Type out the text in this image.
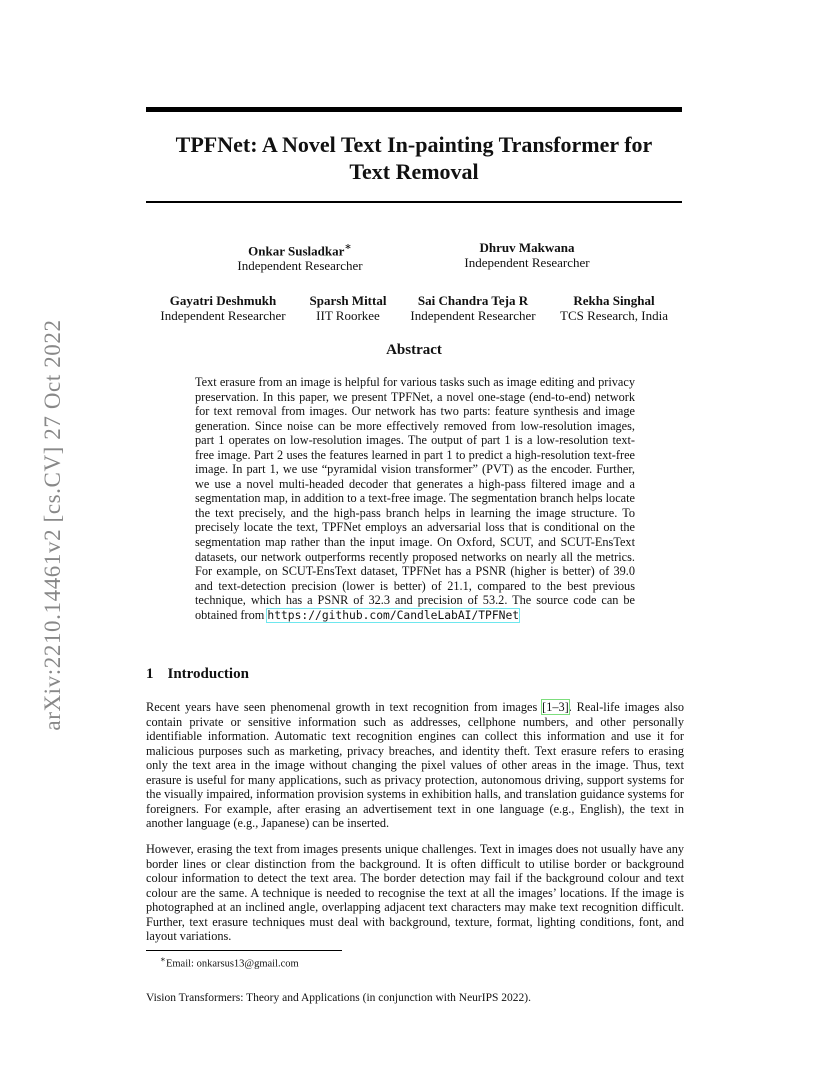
arXiv:2210.14461v2 [cs.CV] 27 Oct 2022
TPFNet: A Novel Text In-painting Transformer for
Text Removal
Onkar Susladkar∗
Independent Researcher
Dhruv Makwana
Independent Researcher
Gayatri Deshmukh
Independent Researcher
Sparsh Mittal
IIT Roorkee
Sai Chandra Teja R
Independent Researcher
Rekha Singhal
TCS Research, India
Abstract
Text erasure from an image is helpful for various tasks such as image editing and privacy preservation. In this paper, we present TPFNet, a novel one-stage (end-to-end) network for text removal from images. Our network has two parts: feature synthesis and image generation. Since noise can be more effectively removed from low-resolution images, part 1 operates on low-resolution images. The output of part 1 is a low-resolution text-free image. Part 2 uses the features learned in part 1 to predict a high-resolution text-free image. In part 1, we use “pyramidal vision transformer” (PVT) as the encoder. Further, we use a novel multi-headed decoder that generates a high-pass filtered image and a segmentation map, in addition to a text-free image. The segmentation branch helps locate the text precisely, and the high-pass branch helps in learning the image structure. To precisely locate the text, TPFNet employs an adversarial loss that is conditional on the segmentation map rather than the input image. On Oxford, SCUT, and SCUT-EnsText datasets, our network outperforms recently proposed networks on nearly all the metrics. For example, on SCUT-EnsText dataset, TPFNet has a PSNR (higher is better) of 39.0 and text-detection precision (lower is better) of 21.1, compared to the best previous technique, which has a PSNR of 32.3 and precision of 53.2. The source code can be obtained from https://github.com/CandleLabAI/TPFNet
1 Introduction
Recent years have seen phenomenal growth in text recognition from images [1–3]. Real-life images also contain private or sensitive information such as addresses, cellphone numbers, and other personally identifiable information. Automatic text recognition engines can collect this information and use it for malicious purposes such as marketing, privacy breaches, and identity theft. Text erasure refers to erasing only the text area in the image without changing the pixel values of other areas in the image. Thus, text erasure is useful for many applications, such as privacy protection, autonomous driving, support systems for the visually impaired, information provision systems in exhibition halls, and translation guidance systems for foreigners. For example, after erasing an advertisement text in one language (e.g., English), the text in another language (e.g., Japanese) can be inserted.
However, erasing the text from images presents unique challenges. Text in images does not usually have any border lines or clear distinction from the background. It is often difficult to utilise border or background colour information to detect the text area. The border detection may fail if the background colour and text colour are the same. A technique is needed to recognise the text at all the images’ locations. If the image is photographed at an inclined angle, overlapping adjacent text characters may make text recognition difficult. Further, text erasure techniques must deal with background, texture, format, lighting conditions, font, and layout variations.
∗Email: onkarsus13@gmail.com
Vision Transformers: Theory and Applications (in conjunction with NeurIPS 2022).
